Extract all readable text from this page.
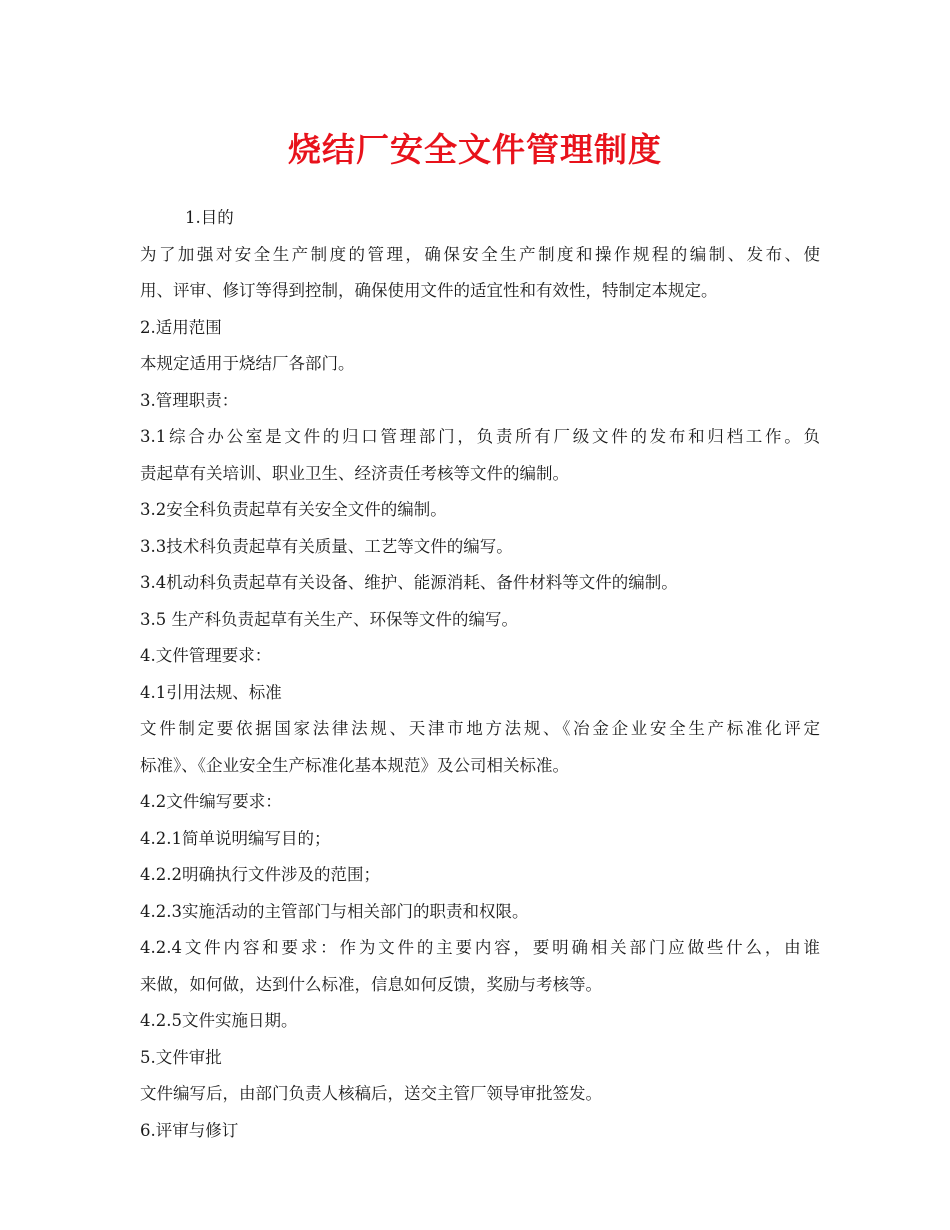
烧结厂安全文件管理制度
1.目的
为了加强对安全生产制度的管理，确保安全生产制度和操作规程的编制、发布、使
用、评审、修订等得到控制，确保使用文件的适宜性和有效性，特制定本规定。
2.适用范围
本规定适用于烧结厂各部门。
3.管理职责：
3.1综合办公室是文件的归口管理部门，负责所有厂级文件的发布和归档工作。负
责起草有关培训、职业卫生、经济责任考核等文件的编制。
3.2安全科负责起草有关安全文件的编制。
3.3技术科负责起草有关质量、工艺等文件的编写。
3.4机动科负责起草有关设备、维护、能源消耗、备件材料等文件的编制。
3.5 生产科负责起草有关生产、环保等文件的编写。
4.文件管理要求：
4.1引用法规、标准
文件制定要依据国家法律法规、天津市地方法规、《冶金企业安全生产标准化评定
标准》、《企业安全生产标准化基本规范》及公司相关标准。
4.2文件编写要求：
4.2.1简单说明编写目的；
4.2.2明确执行文件涉及的范围；
4.2.3实施活动的主管部门与相关部门的职责和权限。
4.2.4文件内容和要求：作为文件的主要内容，要明确相关部门应做些什么，由谁
来做，如何做，达到什么标准，信息如何反馈，奖励与考核等。
4.2.5文件实施日期。
5.文件审批
文件编写后，由部门负责人核稿后，送交主管厂领导审批签发。
6.评审与修订
